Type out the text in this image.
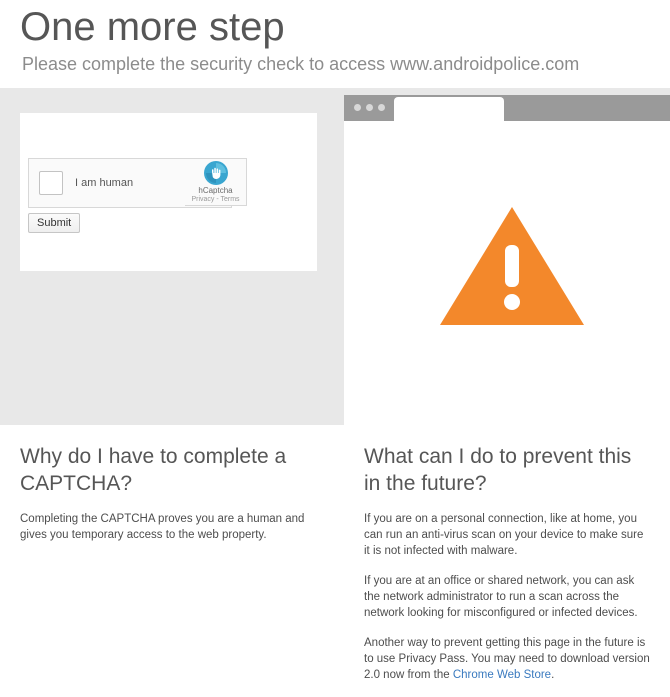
One more step
Please complete the security check to access www.androidpolice.com
I am human
hCaptcha
Privacy - Terms
Submit
Why do I have to complete a CAPTCHA?

Completing the CAPTCHA proves you are a human and gives you temporary access to the web property.

What can I do to prevent this in the future?

If you are on a personal connection, like at home, you can run an anti-virus scan on your device to make sure it is not infected with malware.

If you are at an office or shared network, you can ask the network administrator to run a scan across the network looking for misconfigured or infected devices.

Another way to prevent getting this page in the future is to use Privacy Pass. You may need to download version 2.0 now from the Chrome Web Store.
